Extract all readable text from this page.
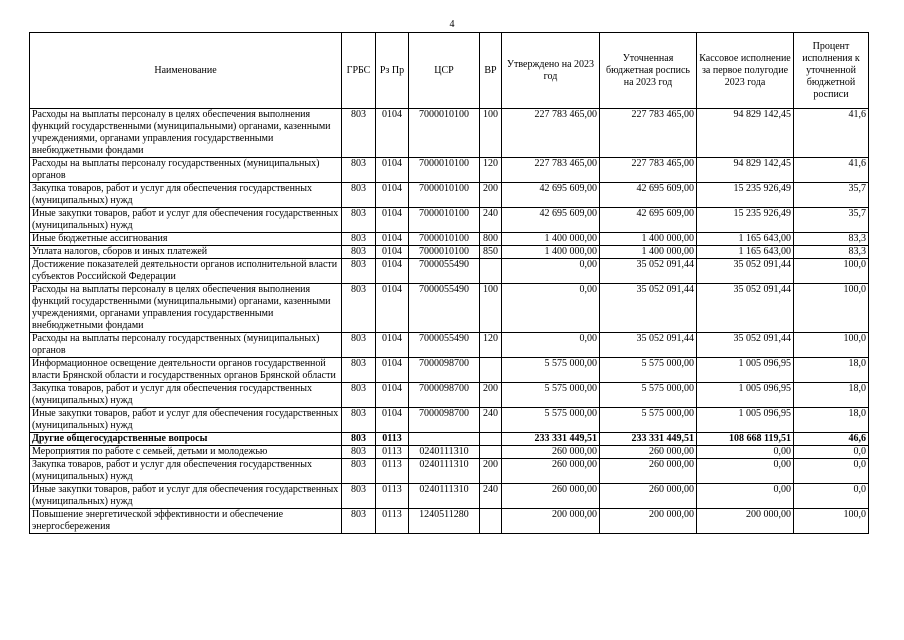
4
Наименование	ГРБС	Рз Пр	ЦСР	ВР	Утверждено на 2023 год	Уточненная бюджетная роспись на 2023 год	Кассовое исполнение за первое полугодие 2023 года	Процент исполнения к уточненной бюджетной росписи
Расходы на выплаты персоналу в целях обеспечения выполнения функций государственными (муниципальными) органами, казенными учреждениями, органами управления государственными внебюджетными фондами	803	0104	7000010100	100	227 783 465,00	227 783 465,00	94 829 142,45	41,6
Расходы на выплаты персоналу государственных (муниципальных) органов	803	0104	7000010100	120	227 783 465,00	227 783 465,00	94 829 142,45	41,6
Закупка товаров, работ и услуг для обеспечения государственных (муниципальных) нужд	803	0104	7000010100	200	42 695 609,00	42 695 609,00	15 235 926,49	35,7
Иные закупки товаров, работ и услуг для обеспечения государственных (муниципальных) нужд	803	0104	7000010100	240	42 695 609,00	42 695 609,00	15 235 926,49	35,7
Иные бюджетные ассигнования	803	0104	7000010100	800	1 400 000,00	1 400 000,00	1 165 643,00	83,3
Уплата налогов, сборов и иных платежей	803	0104	7000010100	850	1 400 000,00	1 400 000,00	1 165 643,00	83,3
Достижение показателей деятельности органов исполнительной власти субъектов Российской Федерации	803	0104	7000055490		0,00	35 052 091,44	35 052 091,44	100,0
Расходы на выплаты персоналу в целях обеспечения выполнения функций государственными (муниципальными) органами, казенными учреждениями, органами управления государственными внебюджетными фондами	803	0104	7000055490	100	0,00	35 052 091,44	35 052 091,44	100,0
Расходы на выплаты персоналу государственных (муниципальных) органов	803	0104	7000055490	120	0,00	35 052 091,44	35 052 091,44	100,0
Информационное освещение деятельности органов государственной власти Брянской области и государственных органов Брянской области	803	0104	7000098700		5 575 000,00	5 575 000,00	1 005 096,95	18,0
Закупка товаров, работ и услуг для обеспечения государственных (муниципальных) нужд	803	0104	7000098700	200	5 575 000,00	5 575 000,00	1 005 096,95	18,0
Иные закупки товаров, работ и услуг для обеспечения государственных (муниципальных) нужд	803	0104	7000098700	240	5 575 000,00	5 575 000,00	1 005 096,95	18,0
Другие общегосударственные вопросы	803	0113			233 331 449,51	233 331 449,51	108 668 119,51	46,6
Мероприятия по работе с семьей, детьми и молодежью	803	0113	0240111310		260 000,00	260 000,00	0,00	0,0
Закупка товаров, работ и услуг для обеспечения государственных (муниципальных) нужд	803	0113	0240111310	200	260 000,00	260 000,00	0,00	0,0
Иные закупки товаров, работ и услуг для обеспечения государственных (муниципальных) нужд	803	0113	0240111310	240	260 000,00	260 000,00	0,00	0,0
Повышение энергетической эффективности и обеспечение энергосбережения	803	0113	1240511280		200 000,00	200 000,00	200 000,00	100,0
